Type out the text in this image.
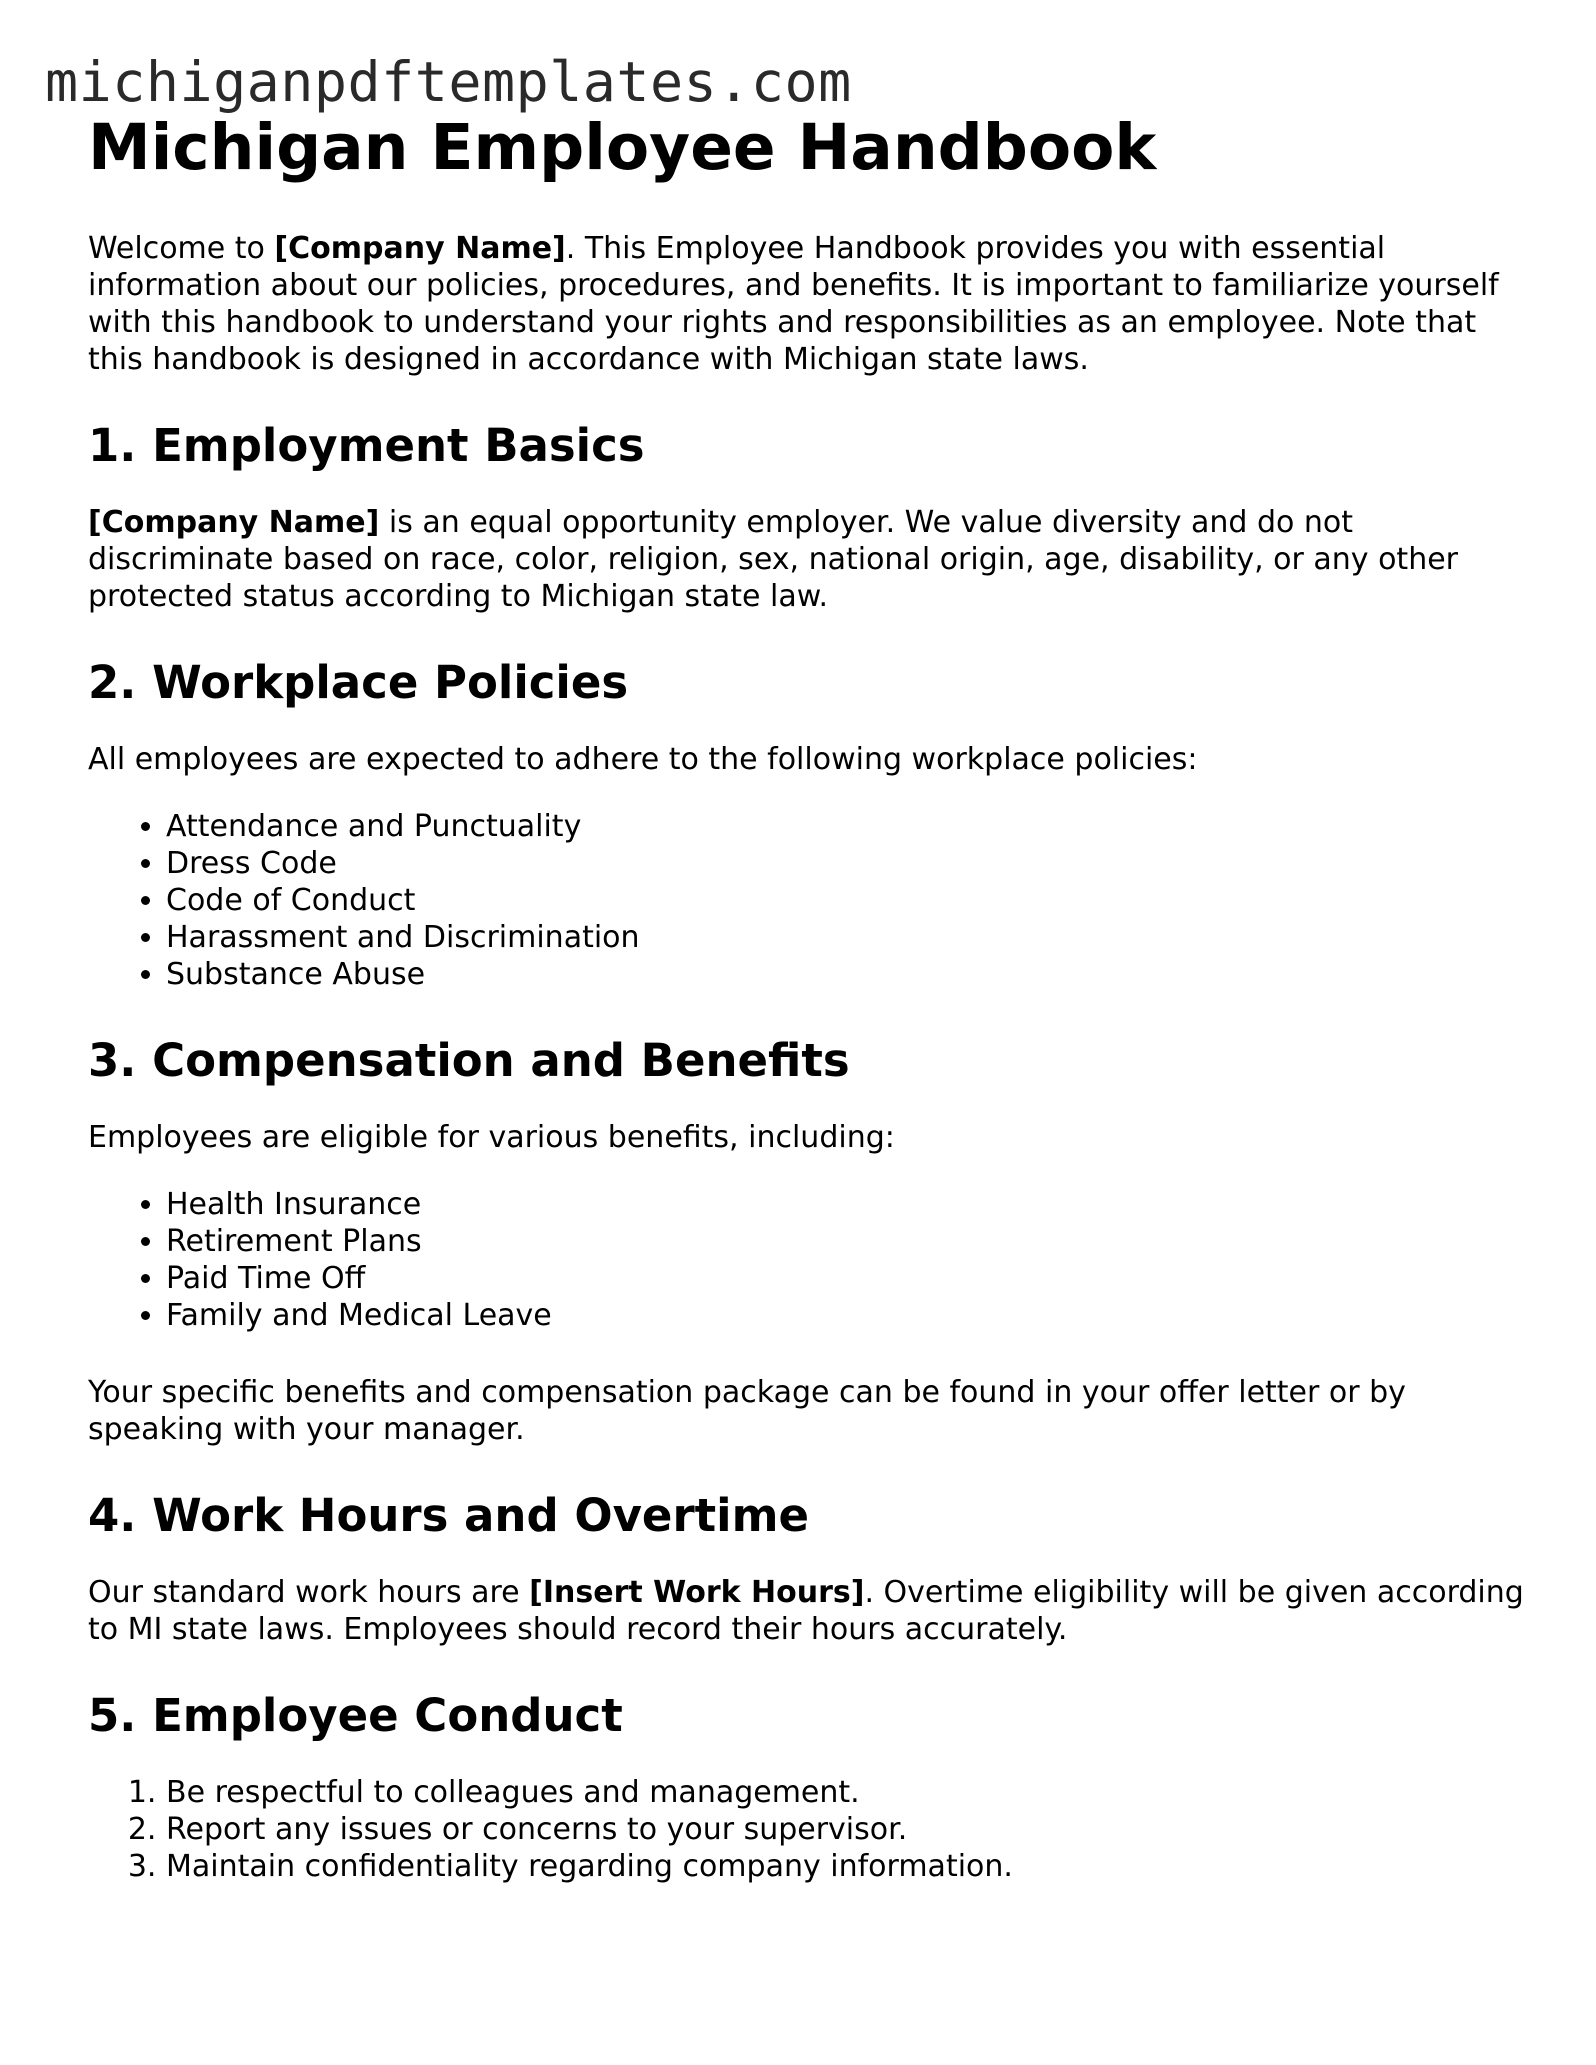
michiganpdftemplates.com
Michigan Employee Handbook

Welcome to [Company Name]. This Employee Handbook provides you with essential information about our policies, procedures, and benefits. It is important to familiarize yourself with this handbook to understand your rights and responsibilities as an employee. Note that this handbook is designed in accordance with Michigan state laws.

1. Employment Basics

[Company Name] is an equal opportunity employer. We value diversity and do not discriminate based on race, color, religion, sex, national origin, age, disability, or any other protected status according to Michigan state law.

2. Workplace Policies

All employees are expected to adhere to the following workplace policies:

• Attendance and Punctuality
• Dress Code
• Code of Conduct
• Harassment and Discrimination
• Substance Abuse
3. Compensation and Benefits

Employees are eligible for various benefits, including:

• Health Insurance
• Retirement Plans
• Paid Time Off
• Family and Medical Leave

Your specific benefits and compensation package can be found in your offer letter or by speaking with your manager.

4. Work Hours and Overtime

Our standard work hours are [Insert Work Hours]. Overtime eligibility will be given according to MI state laws. Employees should record their hours accurately.

5. Employee Conduct
1. Be respectful to colleagues and management.
2. Report any issues or concerns to your supervisor.
3. Maintain confidentiality regarding company information.
